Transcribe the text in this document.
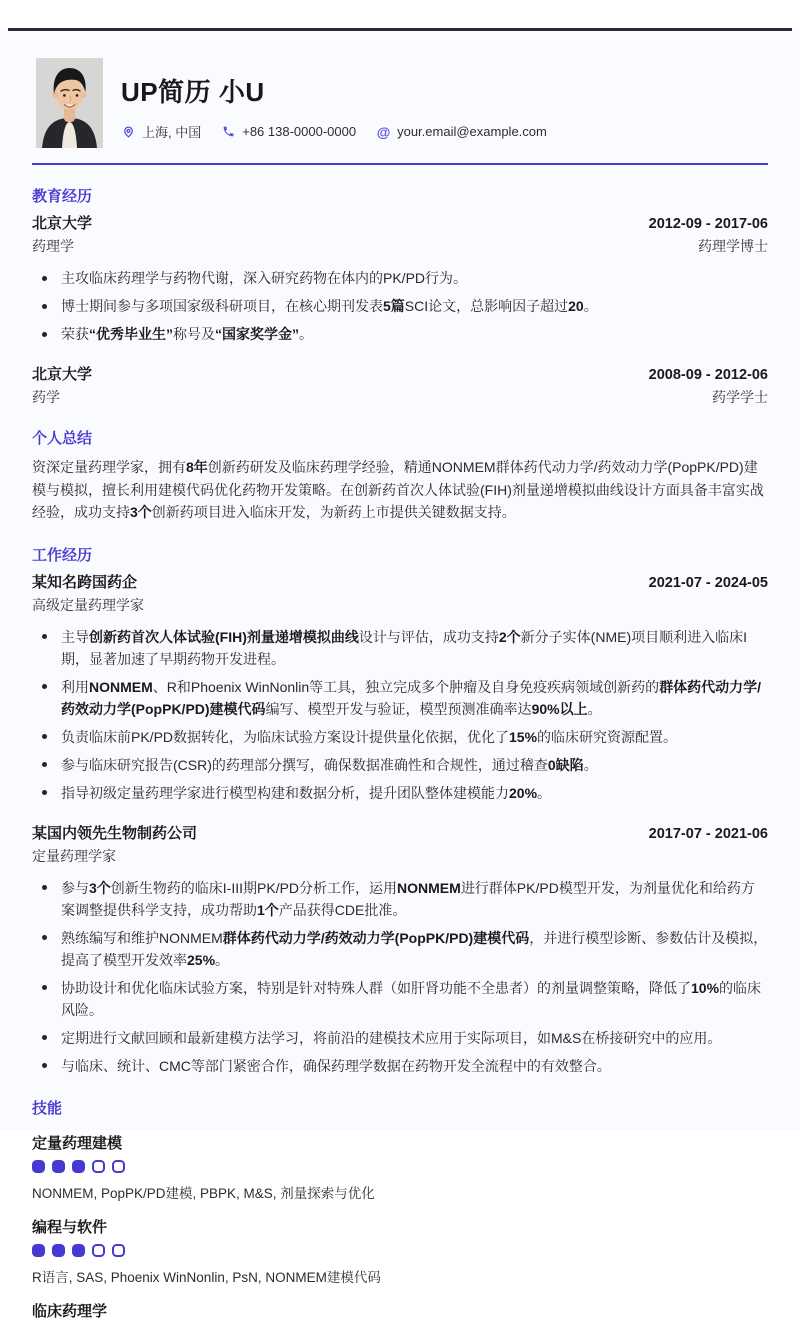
UP简历 小U
上海, 中国	+86 138-0000-0000 @ your.email@example.com
教育经历
北京大学	2012-09 - 2017-06
药理学	药理学博士
主攻临床药理学与药物代谢，深入研究药物在体内的PK/PD行为。
博士期间参与多项国家级科研项目，在核心期刊发表5篇SCI论文，总影响因子超过20。
荣获“优秀毕业生”称号及“国家奖学金”。
北京大学	2008-09 - 2012-06
药学	药学学士
个人总结
资深定量药理学家，拥有8年创新药研发及临床药理学经验，精通NONMEM群体药代动力学/药效动力学(PopPK/PD)建模与模拟，擅长利用建模代码优化药物开发策略。在创新药首次人体试验(FIH)剂量递增模拟曲线设计方面具备丰富实战经验，成功支持3个创新药项目进入临床开发，为新药上市提供关键数据支持。
工作经历
某知名跨国药企	2021-07 - 2024-05
高级定量药理学家
主导创新药首次人体试验(FIH)剂量递增模拟曲线设计与评估，成功支持2个新分子实体(NME)项目顺利进入临床I期，显著加速了早期药物开发进程。
利用NONMEM、R和Phoenix WinNonlin等工具，独立完成多个肿瘤及自身免疫疾病领域创新药的群体药代动力学/药效动力学(PopPK/PD)建模代码编写、模型开发与验证，模型预测准确率达90%以上。
负责临床前PK/PD数据转化，为临床试验方案设计提供量化依据，优化了15%的临床研究资源配置。
参与临床研究报告(CSR)的药理部分撰写，确保数据准确性和合规性，通过稽查0缺陷。
指导初级定量药理学家进行模型构建和数据分析，提升团队整体建模能力20%。
某国内领先生物制药公司	2017-07 - 2021-06
定量药理学家
参与3个创新生物药的临床I-III期PK/PD分析工作，运用NONMEM进行群体PK/PD模型开发，为剂量优化和给药方案调整提供科学支持，成功帮助1个产品获得CDE批准。
熟练编写和维护NONMEM群体药代动力学/药效动力学(PopPK/PD)建模代码，并进行模型诊断、参数估计及模拟，提高了模型开发效率25%。
协助设计和优化临床试验方案，特别是针对特殊人群（如肝肾功能不全患者）的剂量调整策略，降低了10%的临床风险。
定期进行文献回顾和最新建模方法学习，将前沿的建模技术应用于实际项目，如M&S在桥接研究中的应用。
与临床、统计、CMC等部门紧密合作，确保药理学数据在药物开发全流程中的有效整合。
技能
定量药理建模
NONMEM, PopPK/PD建模, PBPK, M&S, 剂量探索与优化
编程与软件
R语言, SAS, Phoenix WinNonlin, PsN, NONMEM建模代码
临床药理学
